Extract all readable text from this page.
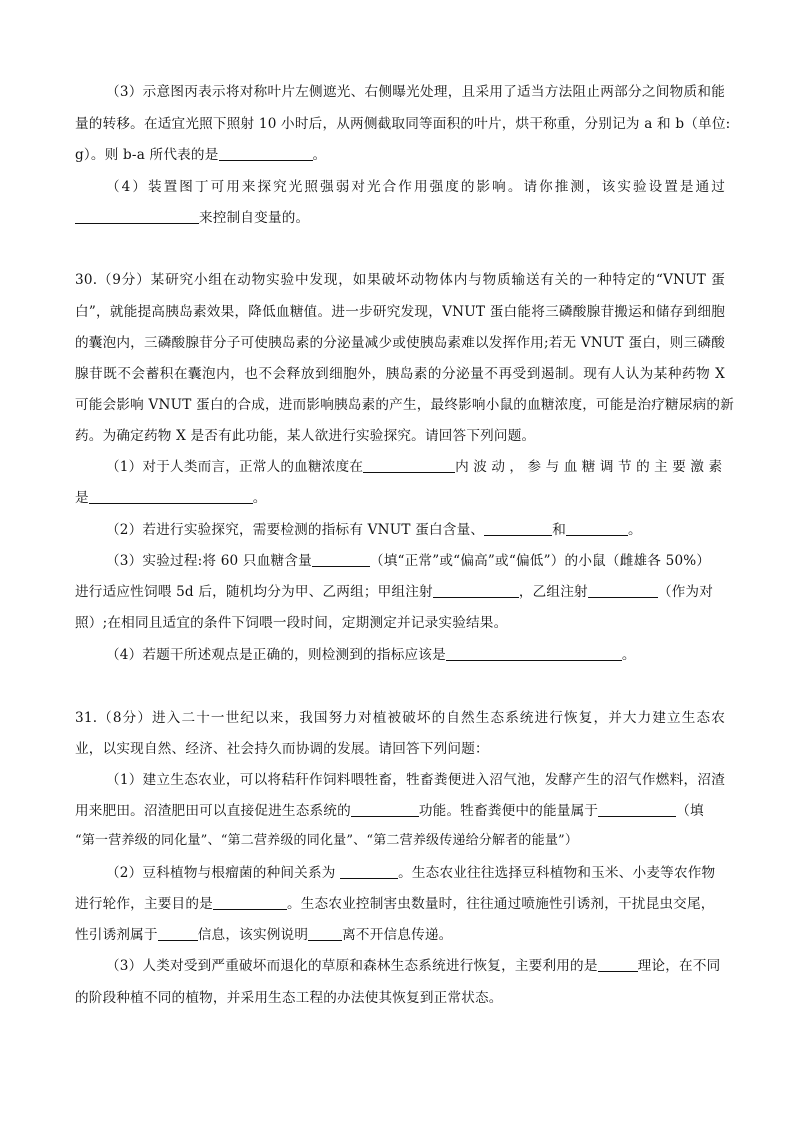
（3）示意图丙表示将对称叶片左侧遮光、右侧曝光处理，且采用了适当方法阻止两部分之间物质和能
量的转移。在适宜光照下照射 10 小时后，从两侧截取同等面积的叶片，烘干称重，分别记为 a 和 b（单位:
g）。则 b-a 所代表的是	。
（4）装置图丁可用来探究光照强弱对光合作用强度的影响。请你推测，该实验设置是通过
来控制自变量的。
30.（9分）某研究小组在动物实验中发现，如果破坏动物体内与物质输送有关的一种特定的“VNUT 蛋
白”，就能提高胰岛素效果，降低血糖值。进一步研究发现，VNUT 蛋白能将三磷酸腺苷搬运和储存到细胞
的囊泡内，三磷酸腺苷分子可使胰岛素的分泌量减少或使胰岛素难以发挥作用;若无 VNUT 蛋白，则三磷酸
腺苷既不会蓄积在囊泡内，也不会释放到细胞外，胰岛素的分泌量不再受到遏制。现有人认为某种药物 X
可能会影响 VNUT 蛋白的合成，进而影响胰岛素的产生，最终影响小鼠的血糖浓度，可能是治疗糖尿病的新
药。为确定药物 X 是否有此功能，某人欲进行实验探究。请回答下列问题。
（1）对于人类而言，正常人的血糖浓度在	内波动，参与血糖调节的主要激素
是	。
（2）若进行实验探究，需要检测的指标有 VNUT 蛋白含量、	和	。
（3）实验过程:将 60 只血糖含量	（填“正常”或“偏高”或“偏低”）的小鼠（雌雄各 50%）
进行适应性饲喂 5d 后，随机均分为甲、乙两组；甲组注射	，乙组注射	（作为对
照）;在相同且适宜的条件下饲喂一段时间，定期测定并记录实验结果。
（4）若题干所述观点是正确的，则检测到的指标应该是	。
31.（8分）进入二十一世纪以来，我国努力对植被破坏的自然生态系统进行恢复，并大力建立生态农
业，以实现自然、经济、社会持久而协调的发展。请回答下列问题：
（1）建立生态农业，可以将秸秆作饲料喂牲畜，牲畜粪便进入沼气池，发酵产生的沼气作燃料，沼渣
用来肥田。沼渣肥田可以直接促进生态系统的	功能。牲畜粪便中的能量属于	（填
“第一营养级的同化量”、“第二营养级的同化量”、“第二营养级传递给分解者的能量”）
（2）豆科植物与根瘤菌的种间关系为	。生态农业往往选择豆科植物和玉米、小麦等农作物
进行轮作，主要目的是	。生态农业控制害虫数量时，往往通过喷施性引诱剂，干扰昆虫交尾，
性引诱剂属于	信息，该实例说明	离不开信息传递。
（3）人类对受到严重破坏而退化的草原和森林生态系统进行恢复，主要利用的是	理论，在不同
的阶段种植不同的植物，并采用生态工程的办法使其恢复到正常状态。
